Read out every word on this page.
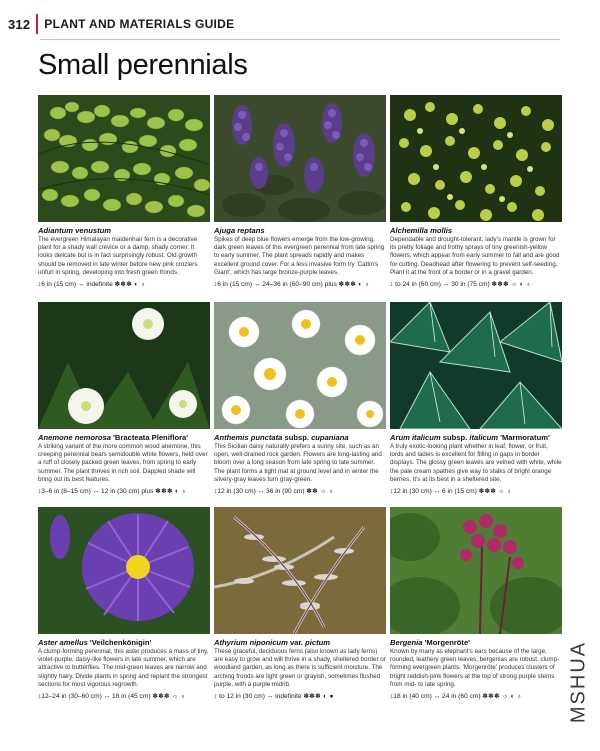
312 PLANT AND MATERIALS GUIDE
Small perennials
Adiantum venustum
The evergreen Himalayan maidenhair fern is a decorative plant for a shady wall crevice or a damp, shady corner. It looks delicate but is in fact surprisingly robust. Old growth should be removed in late winter before new pink croziers unfurl in spring, developing into fresh green fronds.
↕6 in (15 cm) ↔ indefinite ✽✽✽ ◐ ♁
Ajuga reptans
Spikes of deep blue flowers emerge from the low-growing, dark green leaves of this evergreen perennial from late spring to early summer. The plant spreads rapidly and makes excellent ground cover. For a less invasive form try 'Cattin's Giant', which has large bronze-purple leaves.
↕6 in (15 cm) ↔ 24–36 in (60–90 cm) plus ✽✽✽ ◐ ♁
Alchemilla mollis
Dependable and drought-tolerant, lady's mantle is grown for its pretty foliage and frothy sprays of tiny greenish-yellow flowers, which appear from early summer to fall and are good for cutting. Deadhead after flowering to prevent self-seeding. Plant it at the front of a border or in a gravel garden.
↕ to 24 in (60 cm) ↔ 30 in (75 cm) ✽✽✽ ☼ ◐ ♁
Anemone nemorosa 'Bracteata Pleniflora'
A striking variant of the more common wood anemone, this creeping perennial bears semidouble white flowers, held over a ruff of closely packed green leaves, from spring to early summer. The plant thrives in rich soil. Dappled shade will bring out its best features.
↕3–6 in (8–15 cm) ↔ 12 in (30 cm) plus ✽✽✽ ◐ ♁
Anthemis punctata subsp. cupaniana
This Sicilian daisy naturally prefers a sunny site, such as an open, well-drained rock garden. Flowers are long-lasting and bloom over a long season from late spring to late summer. The plant forms a tight mat at ground level and in winter the silvery-gray leaves turn gray-green.
↕12 in (30 cm) ↔ 36 in (90 cm) ✽✽ ☼ ♁
Arum italicum subsp. italicum 'Marmoratum'
A truly exotic-looking plant whether in leaf, flower, or fruit, lords and ladies is excellent for filling in gaps in border displays. The glossy green leaves are veined with white, while the pale cream spathes give way to stalks of bright orange berries. It's at its best in a sheltered site.
↕12 in (30 cm) ↔ 6 in (15 cm) ✽✽✽ ☼ ♁
Aster amellus 'Veilchenkönigin'
A clump-forming perennial, this aster produces a mass of tiny, violet-purple, daisy-like flowers in late summer, which are attractive to butterflies. The mid-green leaves are narrow and slightly hairy. Divide plants in spring and replant the strongest sections for most vigorous regrowth.
↕12–24 in (30–60 cm) ↔ 18 in (45 cm) ✽✽✽ ☼ ♁
Athyrium niponicum var. pictum
These graceful, deciduous ferns (also known as lady ferns) are easy to grow and will thrive in a shady, sheltered border or woodland garden, as long as there is sufficient moisture. The arching fronds are light green or grayish, sometimes flushed purple, with a purple midrib.
↕ to 12 in (30 cm) ↔ indefinite ✽✽✽ ◐ ●
Bergenia 'Morgenröte'
Known by many as elephant's ears because of the large, rounded, leathery green leaves, bergenias are robust, clump-forming evergreen plants. 'Morgenröte' produces clusters of bright reddish-pink flowers at the top of strong purple stems from mid- to late spring.
↕18 in (40 cm) ↔ 24 in (60 cm) ✽✽✽ ☼ ◐ ♁	MSHUA
